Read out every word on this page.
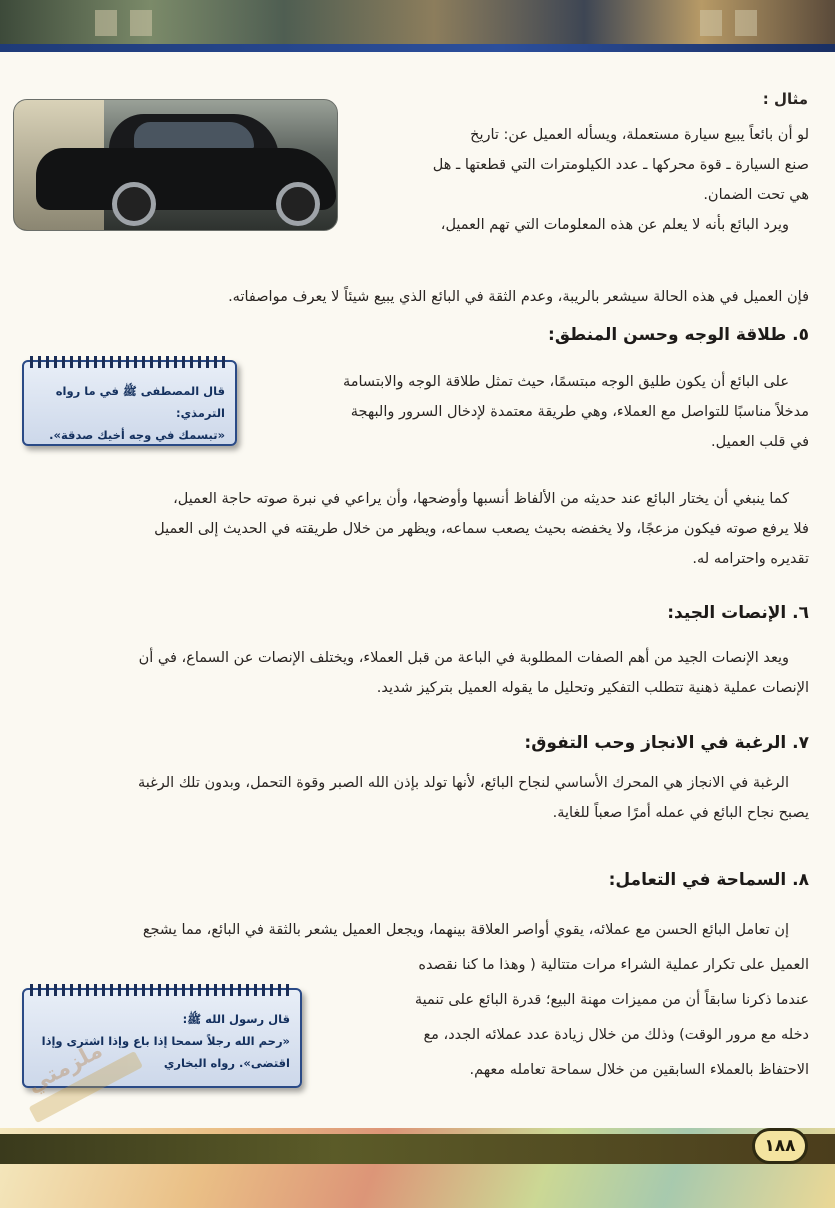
مثال :
لو أن بائعاً يبيع سيارة مستعملة، ويسأله العميل عن: تاريخ
صنع السيارة ـ قوة محركها ـ عدد الكيلومترات التي قطعتها ـ هل
هي تحت الضمان.
ويرد البائع بأنه لا يعلم عن هذه المعلومات التي تهم العميل،
فإن العميل في هذه الحالة سيشعر بالريبة، وعدم الثقة في البائع الذي يبيع شيئاً لا يعرف مواصفاته.
٥. طلاقة الوجه وحسن المنطق:
قال المصطفى ﷺ في ما رواه الترمذي:
«تبسمك في وجه أخيك صدقة».
على البائع أن يكون طليق الوجه مبتسمًا، حيث تمثل طلاقة الوجه والابتسامة
مدخلاً مناسبًا للتواصل مع العملاء، وهي طريقة معتمدة لإدخال السرور والبهجة
في قلب العميل.
كما ينبغي أن يختار البائع عند حديثه من الألفاظ أنسبها وأوضحها، وأن يراعي في نبرة صوته حاجة العميل،
فلا يرفع صوته فيكون مزعجًا، ولا يخفضه بحيث يصعب سماعه، ويظهر من خلال طريقته في الحديث إلى العميل
تقديره واحترامه له.
٦. الإنصات الجيد:
ويعد الإنصات الجيد من أهم الصفات المطلوبة في الباعة من قبل العملاء، ويختلف الإنصات عن السماع، في أن
الإنصات عملية ذهنية تتطلب التفكير وتحليل ما يقوله العميل بتركيز شديد.
٧. الرغبة في الانجاز وحب التفوق:
الرغبة في الانجاز هي المحرك الأساسي لنجاح البائع، لأنها تولد بإذن الله الصبر وقوة التحمل، وبدون تلك الرغبة
يصبح نجاح البائع في عمله أمرًا صعباً للغاية.
٨. السماحة في التعامل:
إن تعامل البائع الحسن مع عملائه، يقوي أواصر العلاقة بينهما، ويجعل العميل يشعر بالثقة في البائع، مما يشجع
العميل على تكرار عملية الشراء مرات متتالية ( وهذا ما كنا نقصده
عندما ذكرنا سابقاً أن من مميزات مهنة البيع؛ قدرة البائع على تنمية
دخله مع مرور الوقت) وذلك من خلال زيادة عدد عملائه الجدد، مع
الاحتفاظ بالعملاء السابقين من خلال سماحة تعامله معهم.
قال رسول الله ﷺ:
«رحم الله رجلاً سمحا إذا باع وإذا اشترى وإذا
اقتضى». رواه البخاري
ملزمتي
١٨٨
